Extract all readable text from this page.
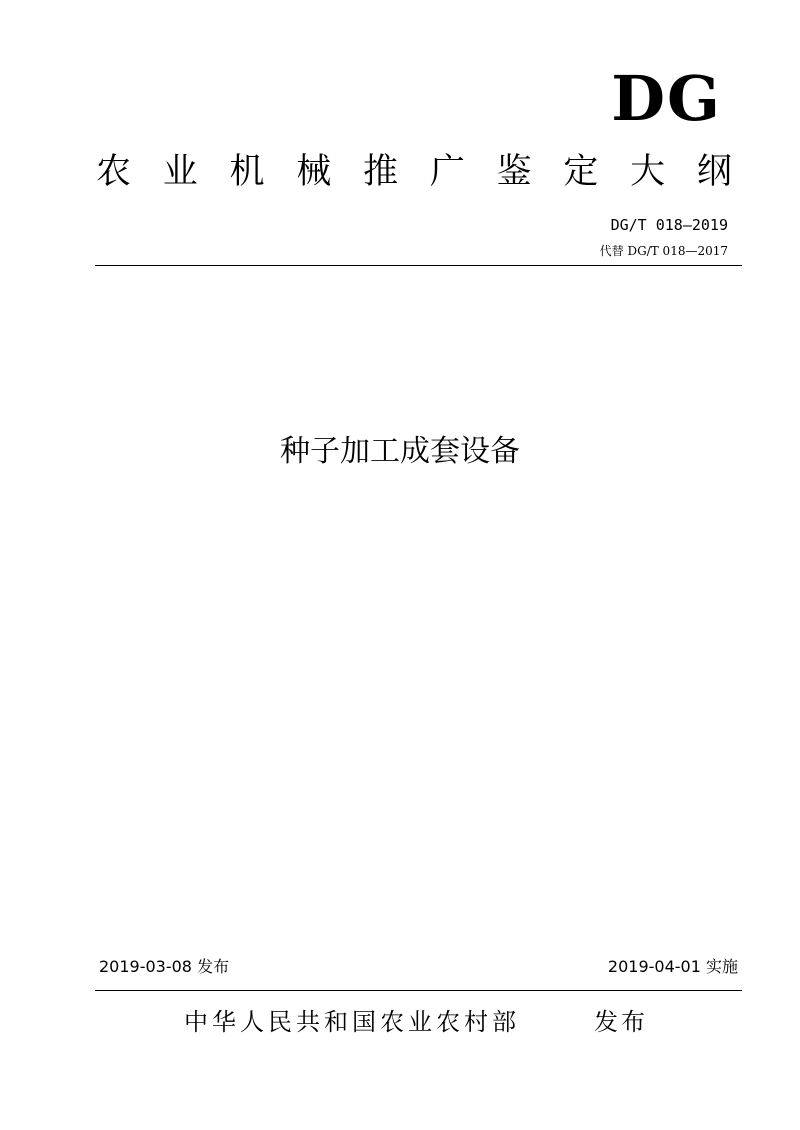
DG
农 业 机 械 推 广 鉴 定 大 纲
DG/T 018—2019
代替 DG/T 018—2017
种子加工成套设备
2019-03-08 发布	2019-04-01 实施
中华人民共和国农业农村部	发布
